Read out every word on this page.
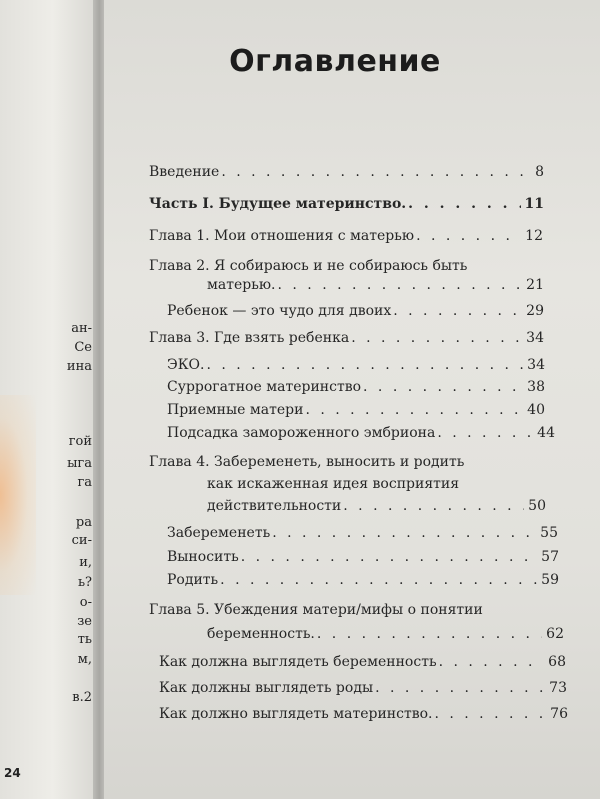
ан-
Се
ина
гой
ыга
га
ра
си-
и,
ь?
о-
зе
ть
м,
в.2
24
Оглавление
Введение . . .	8
Часть I. Будущее материнство. . . .	11
Глава 1. Мои отношения с матерью . . .	12
Глава 2. Я собираюсь и не собираюсь быть
матерью. . . .	21
Ребенок — это чудо для двоих . . .	29
Глава 3. Где взять ребенка . . .	34
ЭКО. . . .	34
Суррогатное материнство . . .	38
Приемные матери . . .	40
Подсадка замороженного эмбриона . . .	44
Глава 4. Забеременеть, выносить и родить
как искаженная идея восприятия
действительности . . .	50
Забеременеть . . .	55
Выносить . . .	57
Родить . . .	59
Глава 5. Убеждения матери/мифы о понятии
беременность. . . .	62
Как должна выглядеть беременность . . .	68
Как должны выглядеть роды . . .	73
Как должно выглядеть материнство. . . .	76
